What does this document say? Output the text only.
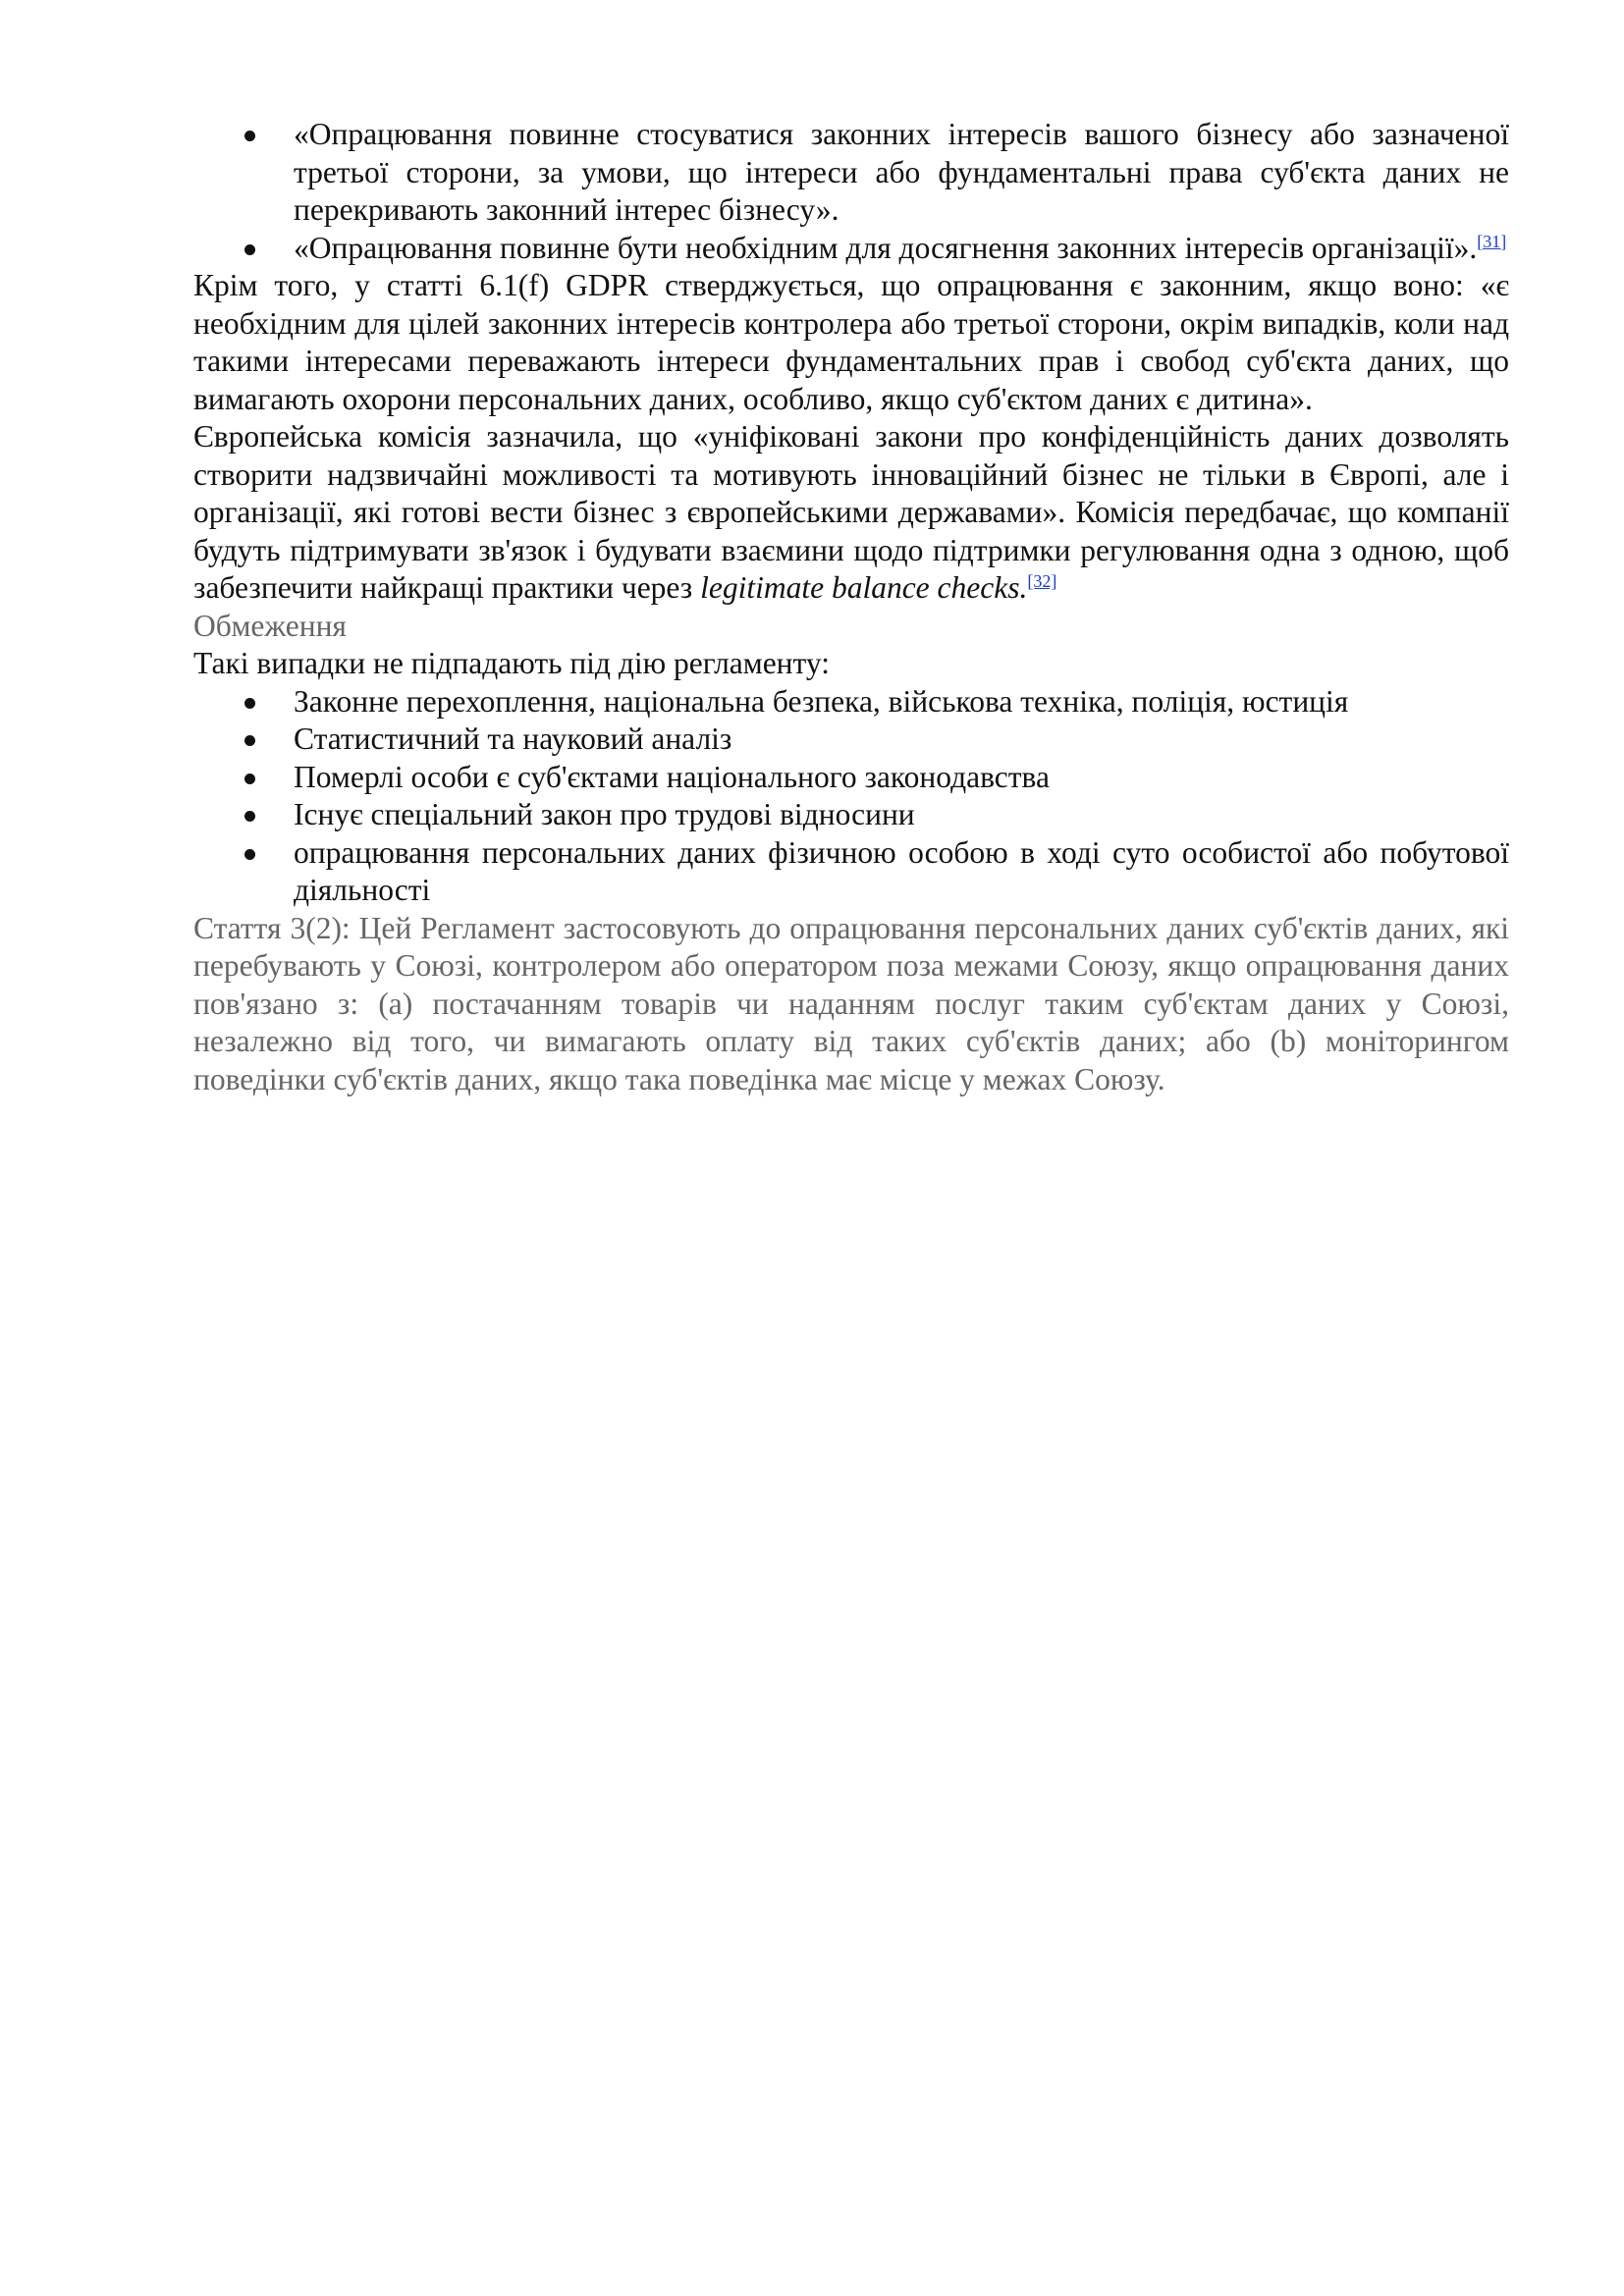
«Опрацювання повинне стосуватися законних інтересів вашого бізнесу або зазначеної третьої сторони, за умови, що інтереси або фундаментальні права суб'єкта даних не перекривають законний інтерес бізнесу».
«Опрацювання повинне бути необхідним для досягнення законних інтересів організації».[31]

Крім того, у статті 6.1(f) GDPR стверджується, що опрацювання є законним, якщо воно: «є необхідним для цілей законних інтересів контролера або третьої сторони, окрім випадків, коли над такими інтересами переважають інтереси фундаментальних прав і свобод суб'єкта даних, що вимагають охорони персональних даних, особливо, якщо суб'єктом даних є дитина».

Європейська комісія зазначила, що «уніфіковані закони про конфіденційність даних дозволять створити надзвичайні можливості та мотивують інноваційний бізнес не тільки в Європі, але і організації, які готові вести бізнес з європейськими державами». Комісія передбачає, що компанії будуть підтримувати зв'язок і будувати взаємини щодо підтримки регулювання одна з одною, щоб забезпечити найкращі практики через legitimate balance checks.[32]

Обмеження

Такі випадки не підпадають під дію регламенту:

Законне перехоплення, національна безпека, військова техніка, поліція, юстиція
Статистичний та науковий аналіз
Померлі особи є суб'єктами національного законодавства
Існує спеціальний закон про трудові відносини
опрацювання персональних даних фізичною особою в ході суто особистої або побутової діяльності

Стаття 3(2): Цей Регламент застосовують до опрацювання персональних даних суб'єктів даних, які перебувають у Союзі, контролером або оператором поза межами Союзу, якщо опрацювання даних пов'язано з: (a) постачанням товарів чи наданням послуг таким суб'єктам даних у Союзі, незалежно від того, чи вимагають оплату від таких суб'єктів даних; або (b) моніторингом поведінки суб'єктів даних, якщо така поведінка має місце у межах Союзу.
